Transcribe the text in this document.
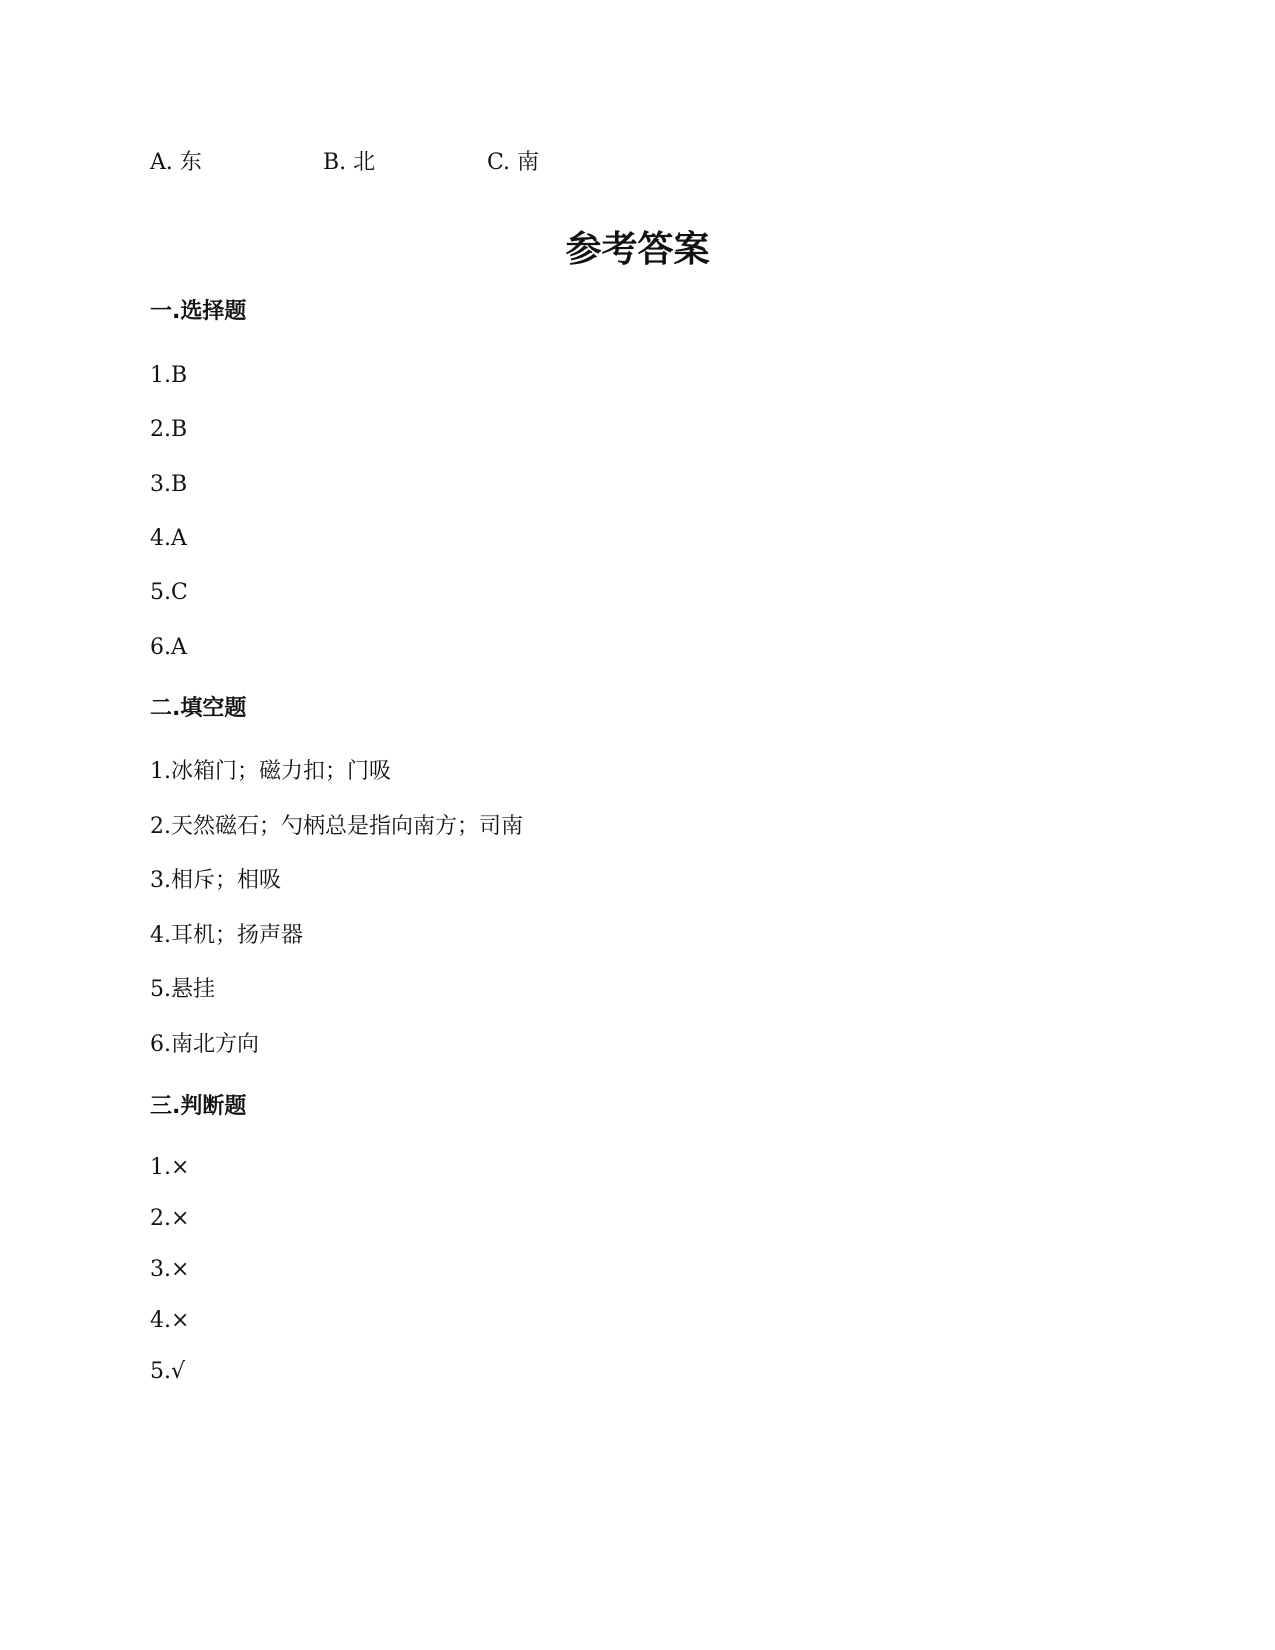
A. 东	B. 北	C. 南
参考答案
一.选择题
1.B
2.B
3.B
4.A
5.C
6.A
二.填空题
1.冰箱门；磁力扣；门吸
2.天然磁石；勺柄总是指向南方；司南
3.相斥；相吸
4.耳机；扬声器
5.悬挂
6.南北方向
三.判断题
1.×
2.×
3.×
4.×
5.√
